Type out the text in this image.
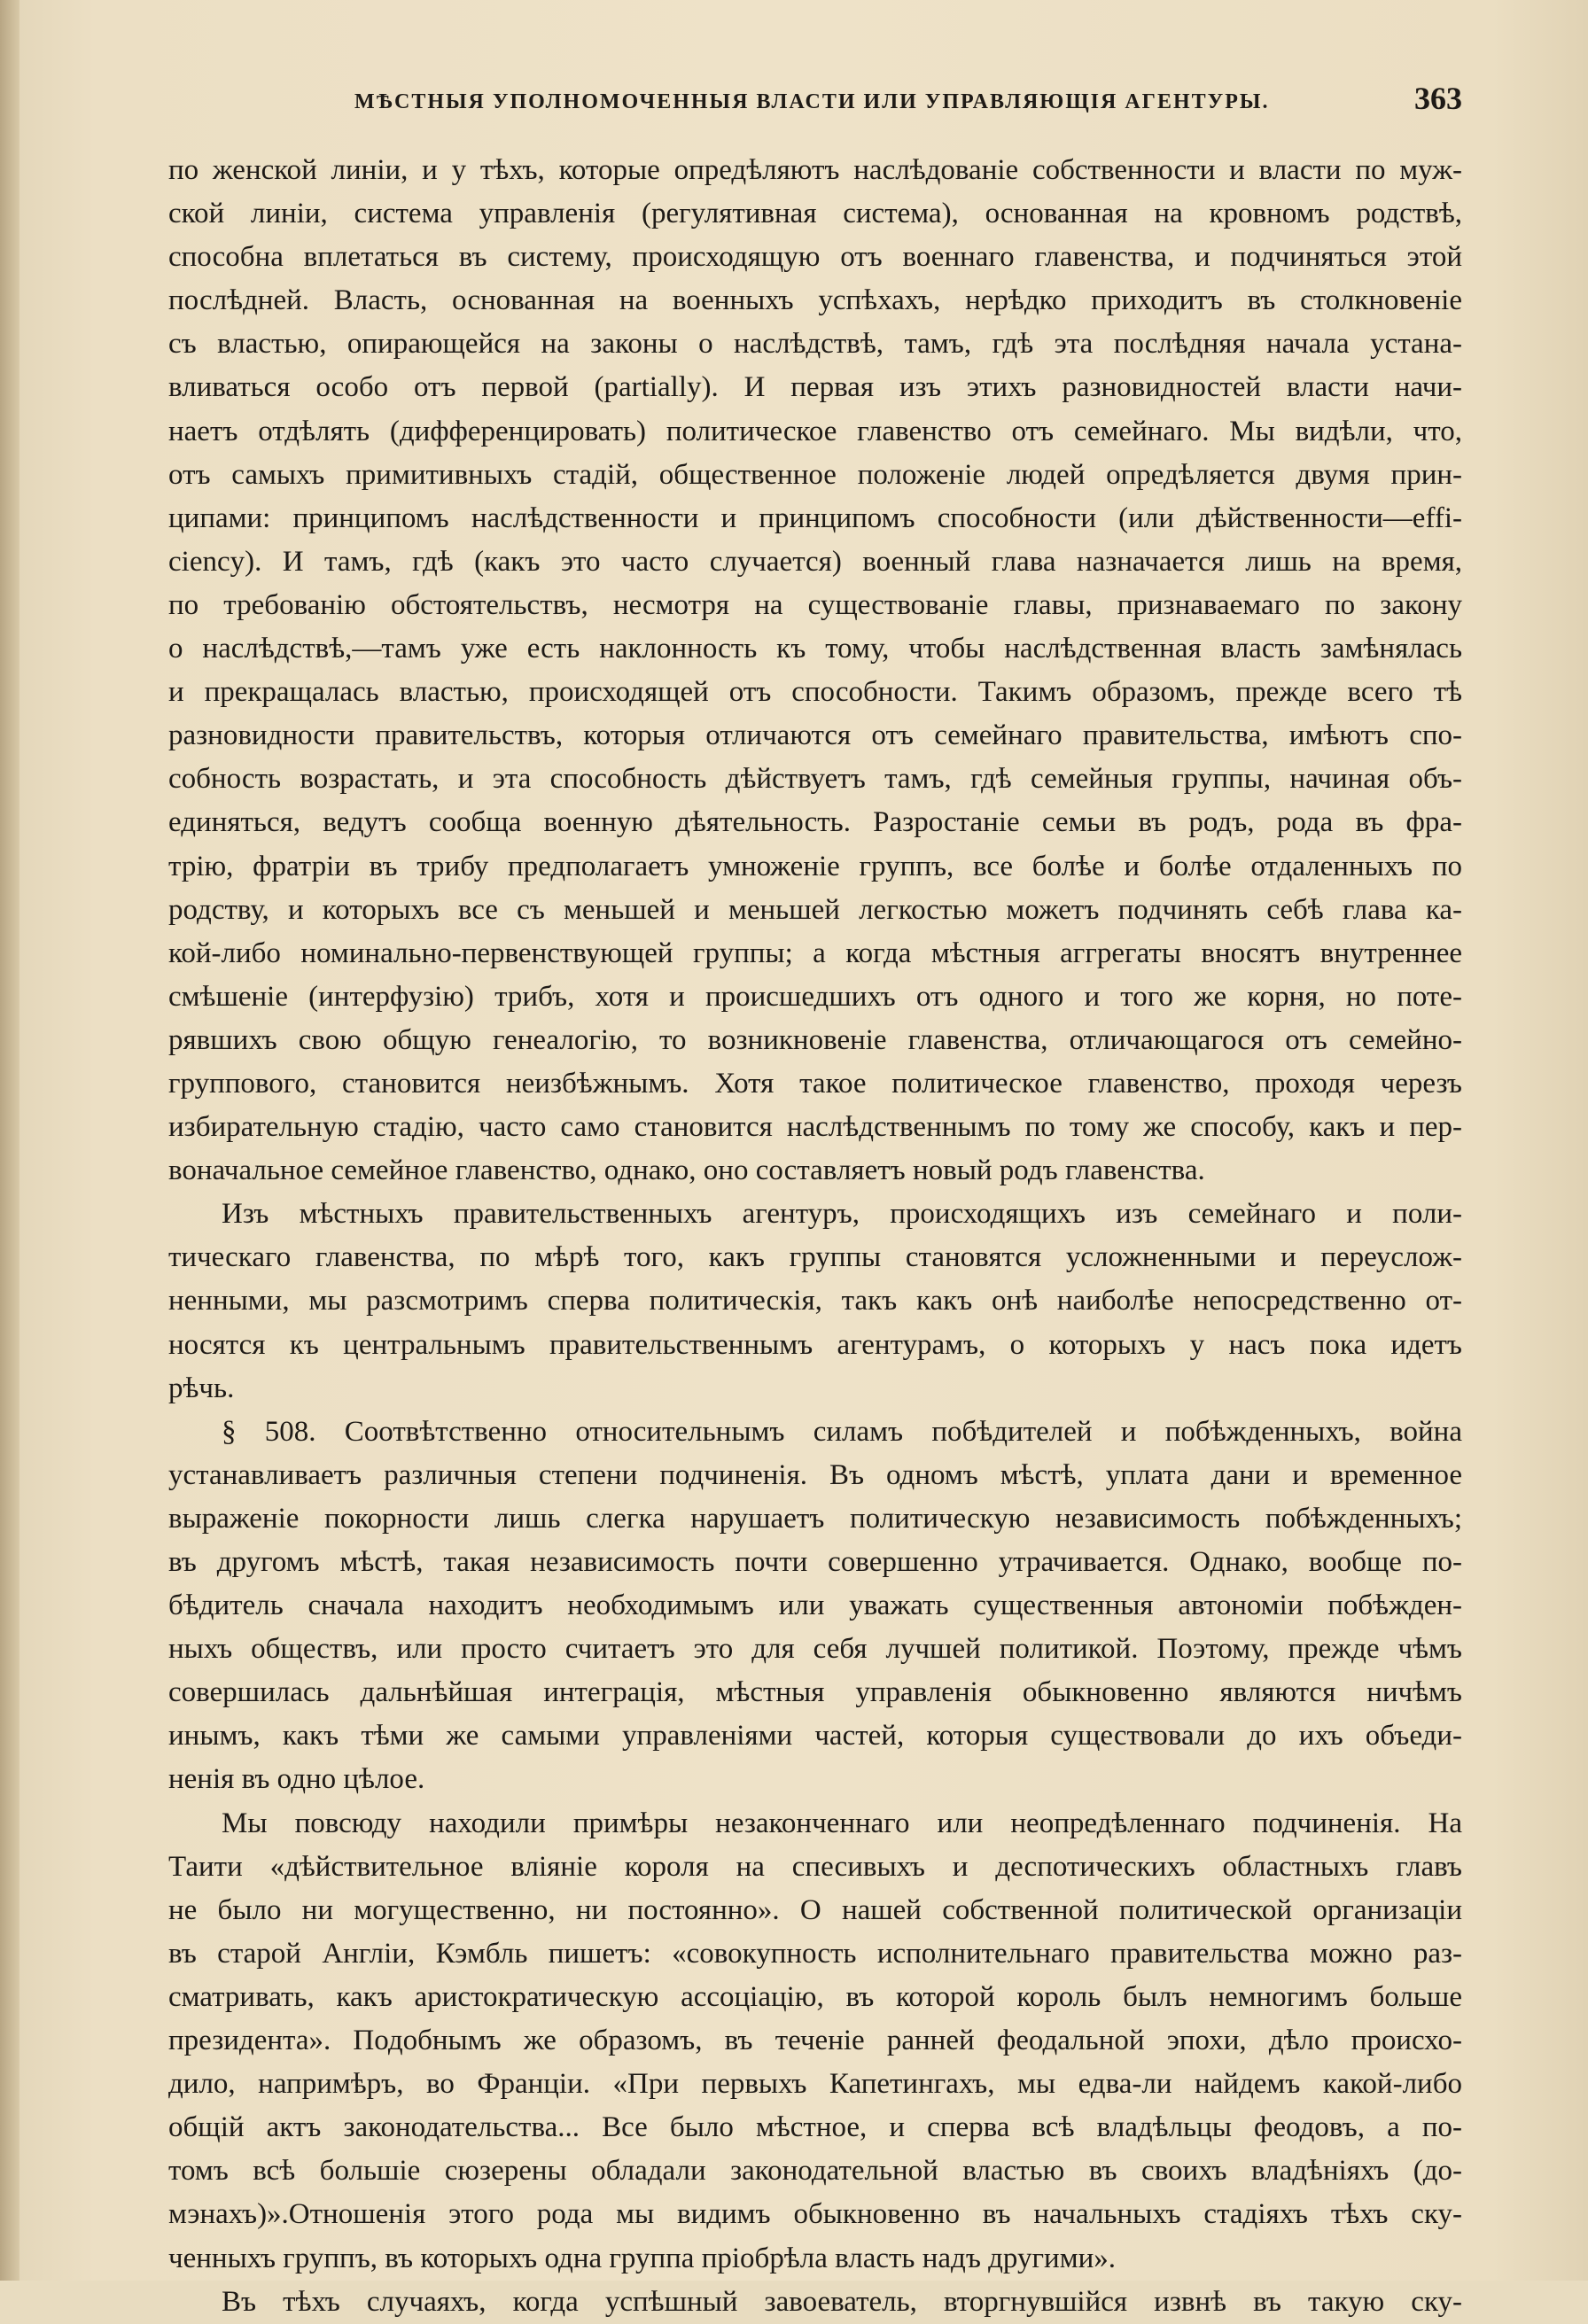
МѢСТНЫЯ УПОЛНОМОЧЕННЫЯ ВЛАСТИ ИЛИ УПРАВЛЯЮЩІЯ АГЕНТУРЫ.	363
по женской линіи, и у тѣхъ, которые опредѣляютъ наслѣдованіе собственности и власти по муж-
ской линіи, система управленія (регулятивная система), основанная на кровномъ родствѣ,
способна вплетаться въ систему, происходящую отъ военнаго главенства, и подчиняться этой
послѣдней. Власть, основанная на военныхъ успѣхахъ, нерѣдко приходитъ въ столкновеніе
съ властью, опирающейся на законы о наслѣдствѣ, тамъ, гдѣ эта послѣдняя начала устана-
вливаться особо отъ первой (partially). И первая изъ этихъ разновидностей власти начи-
наетъ отдѣлять (дифференцировать) политическое главенство отъ семейнаго. Мы видѣли, что,
отъ самыхъ примитивныхъ стадій, общественное положеніе людей опредѣляется двумя прин-
ципами: принципомъ наслѣдственности и принципомъ способности (или дѣйственности—effi-
ciency). И тамъ, гдѣ (какъ это часто случается) военный глава назначается лишь на время,
по требованію обстоятельствъ, несмотря на существованіе главы, признаваемаго по закону
о наслѣдствѣ,—тамъ уже есть наклонность къ тому, чтобы наслѣдственная власть замѣнялась
и прекращалась властью, происходящей отъ способности. Такимъ образомъ, прежде всего тѣ
разновидности правительствъ, которыя отличаются отъ семейнаго правительства, имѣютъ спо-
собность возрастать, и эта способность дѣйствуетъ тамъ, гдѣ семейныя группы, начиная объ-
единяться, ведутъ сообща военную дѣятельность. Разростаніе семьи въ родъ, рода въ фра-
трію, фратріи въ трибу предполагаетъ умноженіе группъ, все болѣе и болѣе отдаленныхъ по
родству, и которыхъ все съ меньшей и меньшей легкостью можетъ подчинять себѣ глава ка-
кой-либо номинально-первенствующей группы; а когда мѣстныя аггрегаты вносятъ внутреннее
смѣшеніе (интерфузію) трибъ, хотя и происшедшихъ отъ одного и того же корня, но поте-
рявшихъ свою общую генеалогію, то возникновеніе главенства, отличающагося отъ семейно-
группового, становится неизбѣжнымъ. Хотя такое политическое главенство, проходя черезъ
избирательную стадію, часто само становится наслѣдственнымъ по тому же способу, какъ и пер-
воначальное семейное главенство, однако, оно составляетъ новый родъ главенства.
Изъ мѣстныхъ правительственныхъ агентуръ, происходящихъ изъ семейнаго и поли-
тическаго главенства, по мѣрѣ того, какъ группы становятся усложненными и переуслож-
ненными, мы разсмотримъ сперва политическія, такъ какъ онѣ наиболѣе непосредственно от-
носятся къ центральнымъ правительственнымъ агентурамъ, о которыхъ у насъ пока идетъ
рѣчь.
§ 508. Соотвѣтственно относительнымъ силамъ побѣдителей и побѣжденныхъ, война
устанавливаетъ различныя степени подчиненія. Въ одномъ мѣстѣ, уплата дани и временное
выраженіе покорности лишь слегка нарушаетъ политическую независимость побѣжденныхъ;
въ другомъ мѣстѣ, такая независимость почти совершенно утрачивается. Однако, вообще по-
бѣдитель сначала находитъ необходимымъ или уважать существенныя автономіи побѣжден-
ныхъ обществъ, или просто считаетъ это для себя лучшей политикой. Поэтому, прежде чѣмъ
совершилась дальнѣйшая интеграція, мѣстныя управленія обыкновенно являются ничѣмъ
инымъ, какъ тѣми же самыми управленіями частей, которыя существовали до ихъ объеди-
ненія въ одно цѣлое.
Мы повсюду находили примѣры незаконченнаго или неопредѣленнаго подчиненія. На
Таити «дѣйствительное вліяніе короля на спесивыхъ и деспотическихъ областныхъ главъ
не было ни могущественно, ни постоянно». О нашей собственной политической организаціи
въ старой Англіи, Кэмбль пишетъ: «совокупность исполнительнаго правительства можно раз-
сматривать, какъ аристократическую ассоціацію, въ которой король былъ немногимъ больше
президента». Подобнымъ же образомъ, въ теченіе ранней феодальной эпохи, дѣло происхо-
дило, напримѣръ, во Франціи. «При первыхъ Капетингахъ, мы едва-ли найдемъ какой-либо
общій актъ законодательства... Все было мѣстное, и сперва всѣ владѣльцы феодовъ, а по-
томъ всѣ большіе сюзерены обладали законодательной властью въ своихъ владѣніяхъ (до-
мэнахъ)».Отношенія этого рода мы видимъ обыкновенно въ начальныхъ стадіяхъ тѣхъ ску-
ченныхъ группъ, въ которыхъ одна группа пріобрѣла власть надъ другими».
Въ тѣхъ случаяхъ, когда успѣшный завоеватель, вторгнувшійся извнѣ въ такую ску-
